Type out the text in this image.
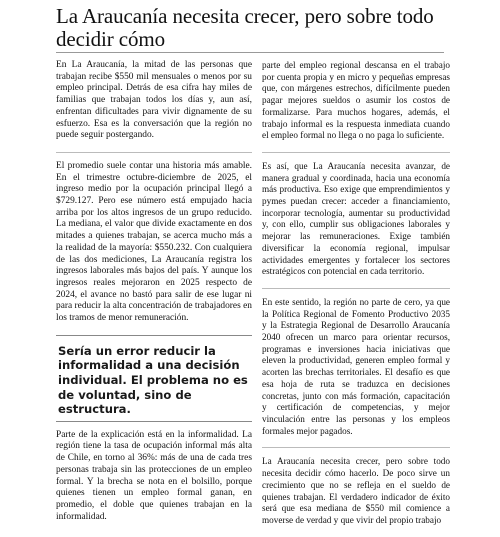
La Araucanía necesita crecer, pero sobre todo decidir cómo

En La Araucanía, la mitad de las personas que trabajan recibe $550 mil mensuales o menos por su empleo principal. Detrás de esa cifra hay miles de familias que trabajan todos los días y, aun así, enfrentan dificultades para vivir dignamente de su esfuerzo. Esa es la conversación que la región no puede seguir postergando.

El promedio suele contar una historia más amable. En el trimestre octubre-diciembre de 2025, el ingreso medio por la ocupación principal llegó a $729.127. Pero ese número está empujado hacia arriba por los altos ingresos de un grupo reducido. La mediana, el valor que divide exactamente en dos mitades a quienes trabajan, se acerca mucho más a la realidad de la mayoría: $550.232. Con cualquiera de las dos mediciones, La Araucanía registra los ingresos laborales más bajos del país. Y aunque los ingresos reales mejoraron en 2025 respecto de 2024, el avance no bastó para salir de ese lugar ni para reducir la alta concentración de trabajadores en los tramos de menor remuneración.

Sería un error reducir la informalidad a una decisión individual. El problema no es de voluntad, sino de estructura.

Parte de la explicación está en la informalidad. La región tiene la tasa de ocupación informal más alta de Chile, en torno al 36%: más de una de cada tres personas trabaja sin las protecciones de un empleo formal. Y la brecha se nota en el bolsillo, porque quienes tienen un empleo formal ganan, en promedio, el doble que quienes trabajan en la informalidad.

parte del empleo regional descansa en el trabajo por cuenta propia y en micro y pequeñas empresas que, con márgenes estrechos, difícilmente pueden pagar mejores sueldos o asumir los costos de formalizarse. Para muchos hogares, además, el trabajo informal es la respuesta inmediata cuando el empleo formal no llega o no paga lo suficiente.

Es así, que La Araucanía necesita avanzar, de manera gradual y coordinada, hacia una economía más productiva. Eso exige que emprendimientos y pymes puedan crecer: acceder a financiamiento, incorporar tecnología, aumentar su productividad y, con ello, cumplir sus obligaciones laborales y mejorar las remuneraciones. Exige también diversificar la economía regional, impulsar actividades emergentes y fortalecer los sectores estratégicos con potencial en cada territorio.

En este sentido, la región no parte de cero, ya que la Política Regional de Fomento Productivo 2035 y la Estrategia Regional de Desarrollo Araucanía 2040 ofrecen un marco para orientar recursos, programas e inversiones hacia iniciativas que eleven la productividad, generen empleo formal y acorten las brechas territoriales. El desafío es que esa hoja de ruta se traduzca en decisiones concretas, junto con más formación, capacitación y certificación de competencias, y mejor vinculación entre las personas y los empleos formales mejor pagados.

La Araucanía necesita crecer, pero sobre todo necesita decidir cómo hacerlo. De poco sirve un crecimiento que no se refleja en el sueldo de quienes trabajan. El verdadero indicador de éxito será que esa mediana de $550 mil comience a moverse de verdad y que vivir del propio trabajo
